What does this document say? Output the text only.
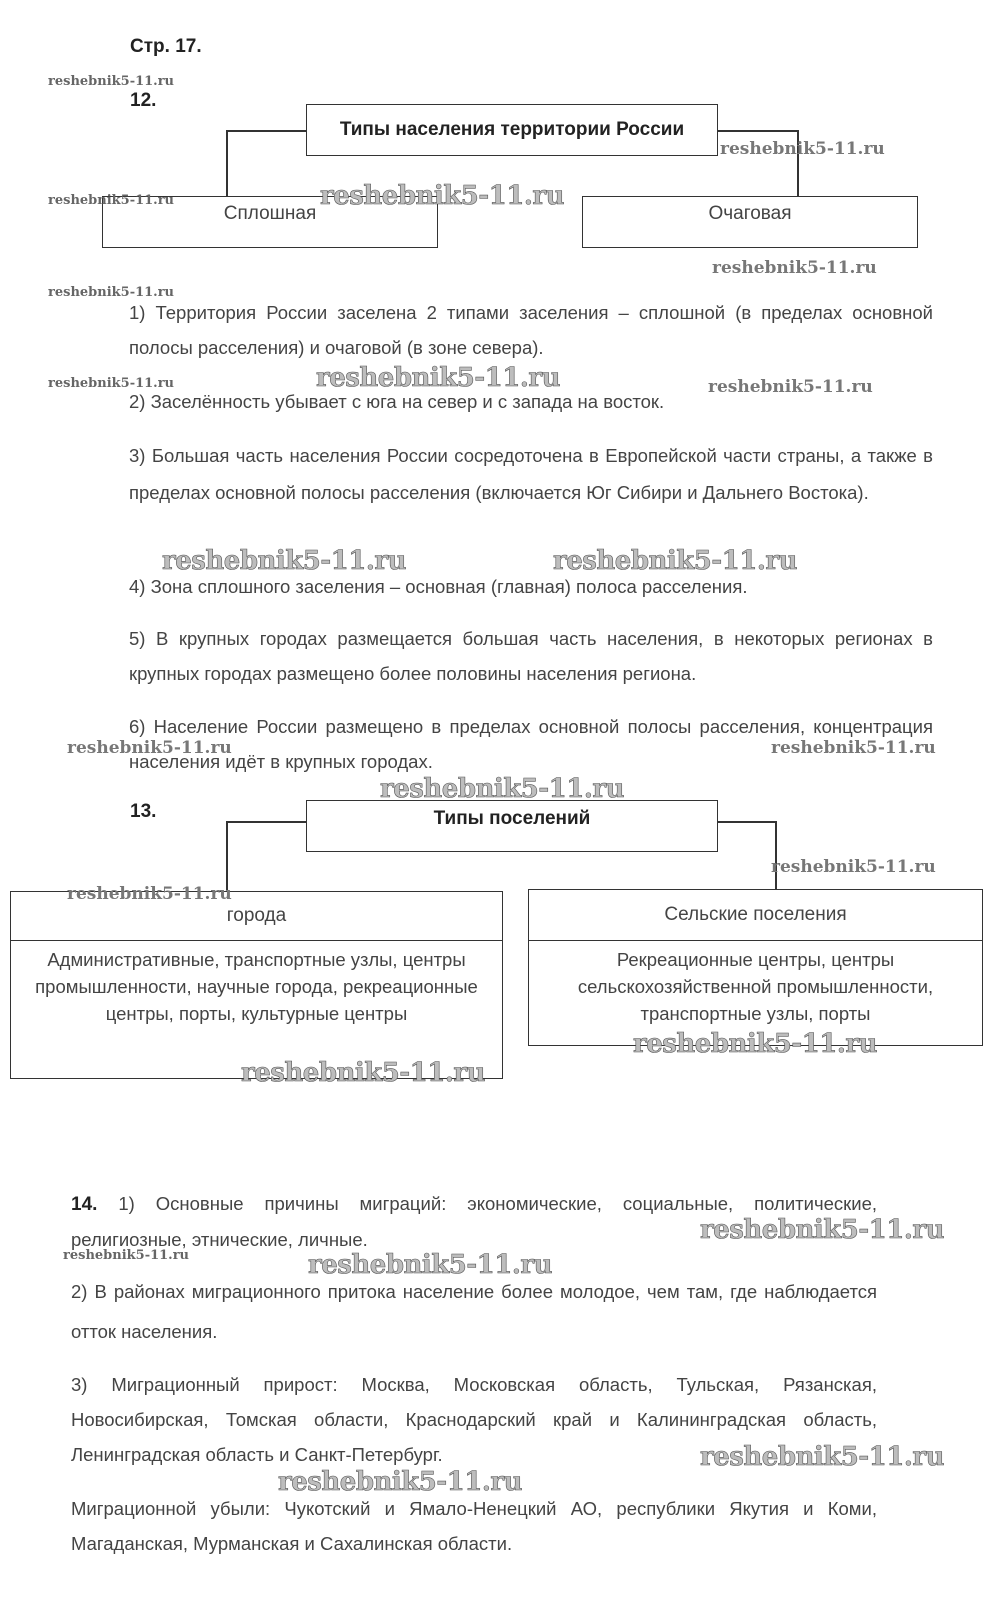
Стр. 17.
12.
Типы населения территории России
Сплошная	Очаговая
1) Территория России заселена 2 типами заселения – сплошной (в пределах основной полосы расселения) и очаговой (в зоне севера).
2) Заселённость убывает с юга на север и с запада на восток.
3) Большая часть населения России сосредоточена в Европейской части страны, а также в пределах основной полосы расселения (включается Юг Сибири и Дальнего Востока).
4) Зона сплошного заселения – основная (главная) полоса расселения.
5) В крупных городах размещается большая часть населения, в некоторых регионах в крупных городах размещено более половины населения региона.
6) Население России размещено в пределах основной полосы расселения, концентрация населения идёт в крупных городах.
13.	Типы поселений
города
Административные, транспортные узлы, центры промышленности, научные города, рекреационные центры, порты, культурные центры
Сельские поселения
Рекреационные центры, центры сельскохозяйственной промышленности, транспортные узлы, порты
14. 1) Основные причины миграций: экономические, социальные, политические, религиозные, этнические, личные.
2) В районах миграционного притока население более молодое, чем там, где наблюдается отток населения.
3) Миграционный прирост: Москва, Московская область, Тульская, Рязанская, Новосибирская, Томская области, Краснодарский край и Калининградская область, Ленинградская область и Санкт-Петербург.
Миграционной убыли: Чукотский и Ямало-Ненецкий АО, республики Якутия и Коми, Магаданская, Мурманская и Сахалинская области.
reshebnik5-11.ru
reshebnik5-11.ru
reshebnik5-11.ru
reshebnik5-11.ru
reshebnik5-11.ru
reshebnik5-11.ru
reshebnik5-11.ru
reshebnik5-11.ru
reshebnik5-11.ru	reshebnik5-11.ru
reshebnik5-11.ru
reshebnik5-11.ru
reshebnik5-11.ru
reshebnik5-11.ru
reshebnik5-11.ru	reshebnik5-11.ru
reshebnik5-11.ru
reshebnik5-11.ru
reshebnik5-11.ru
reshebnik5-11.ru
reshebnik5-11.ru
reshebnik5-11.ru
reshebnik5-11.ru
